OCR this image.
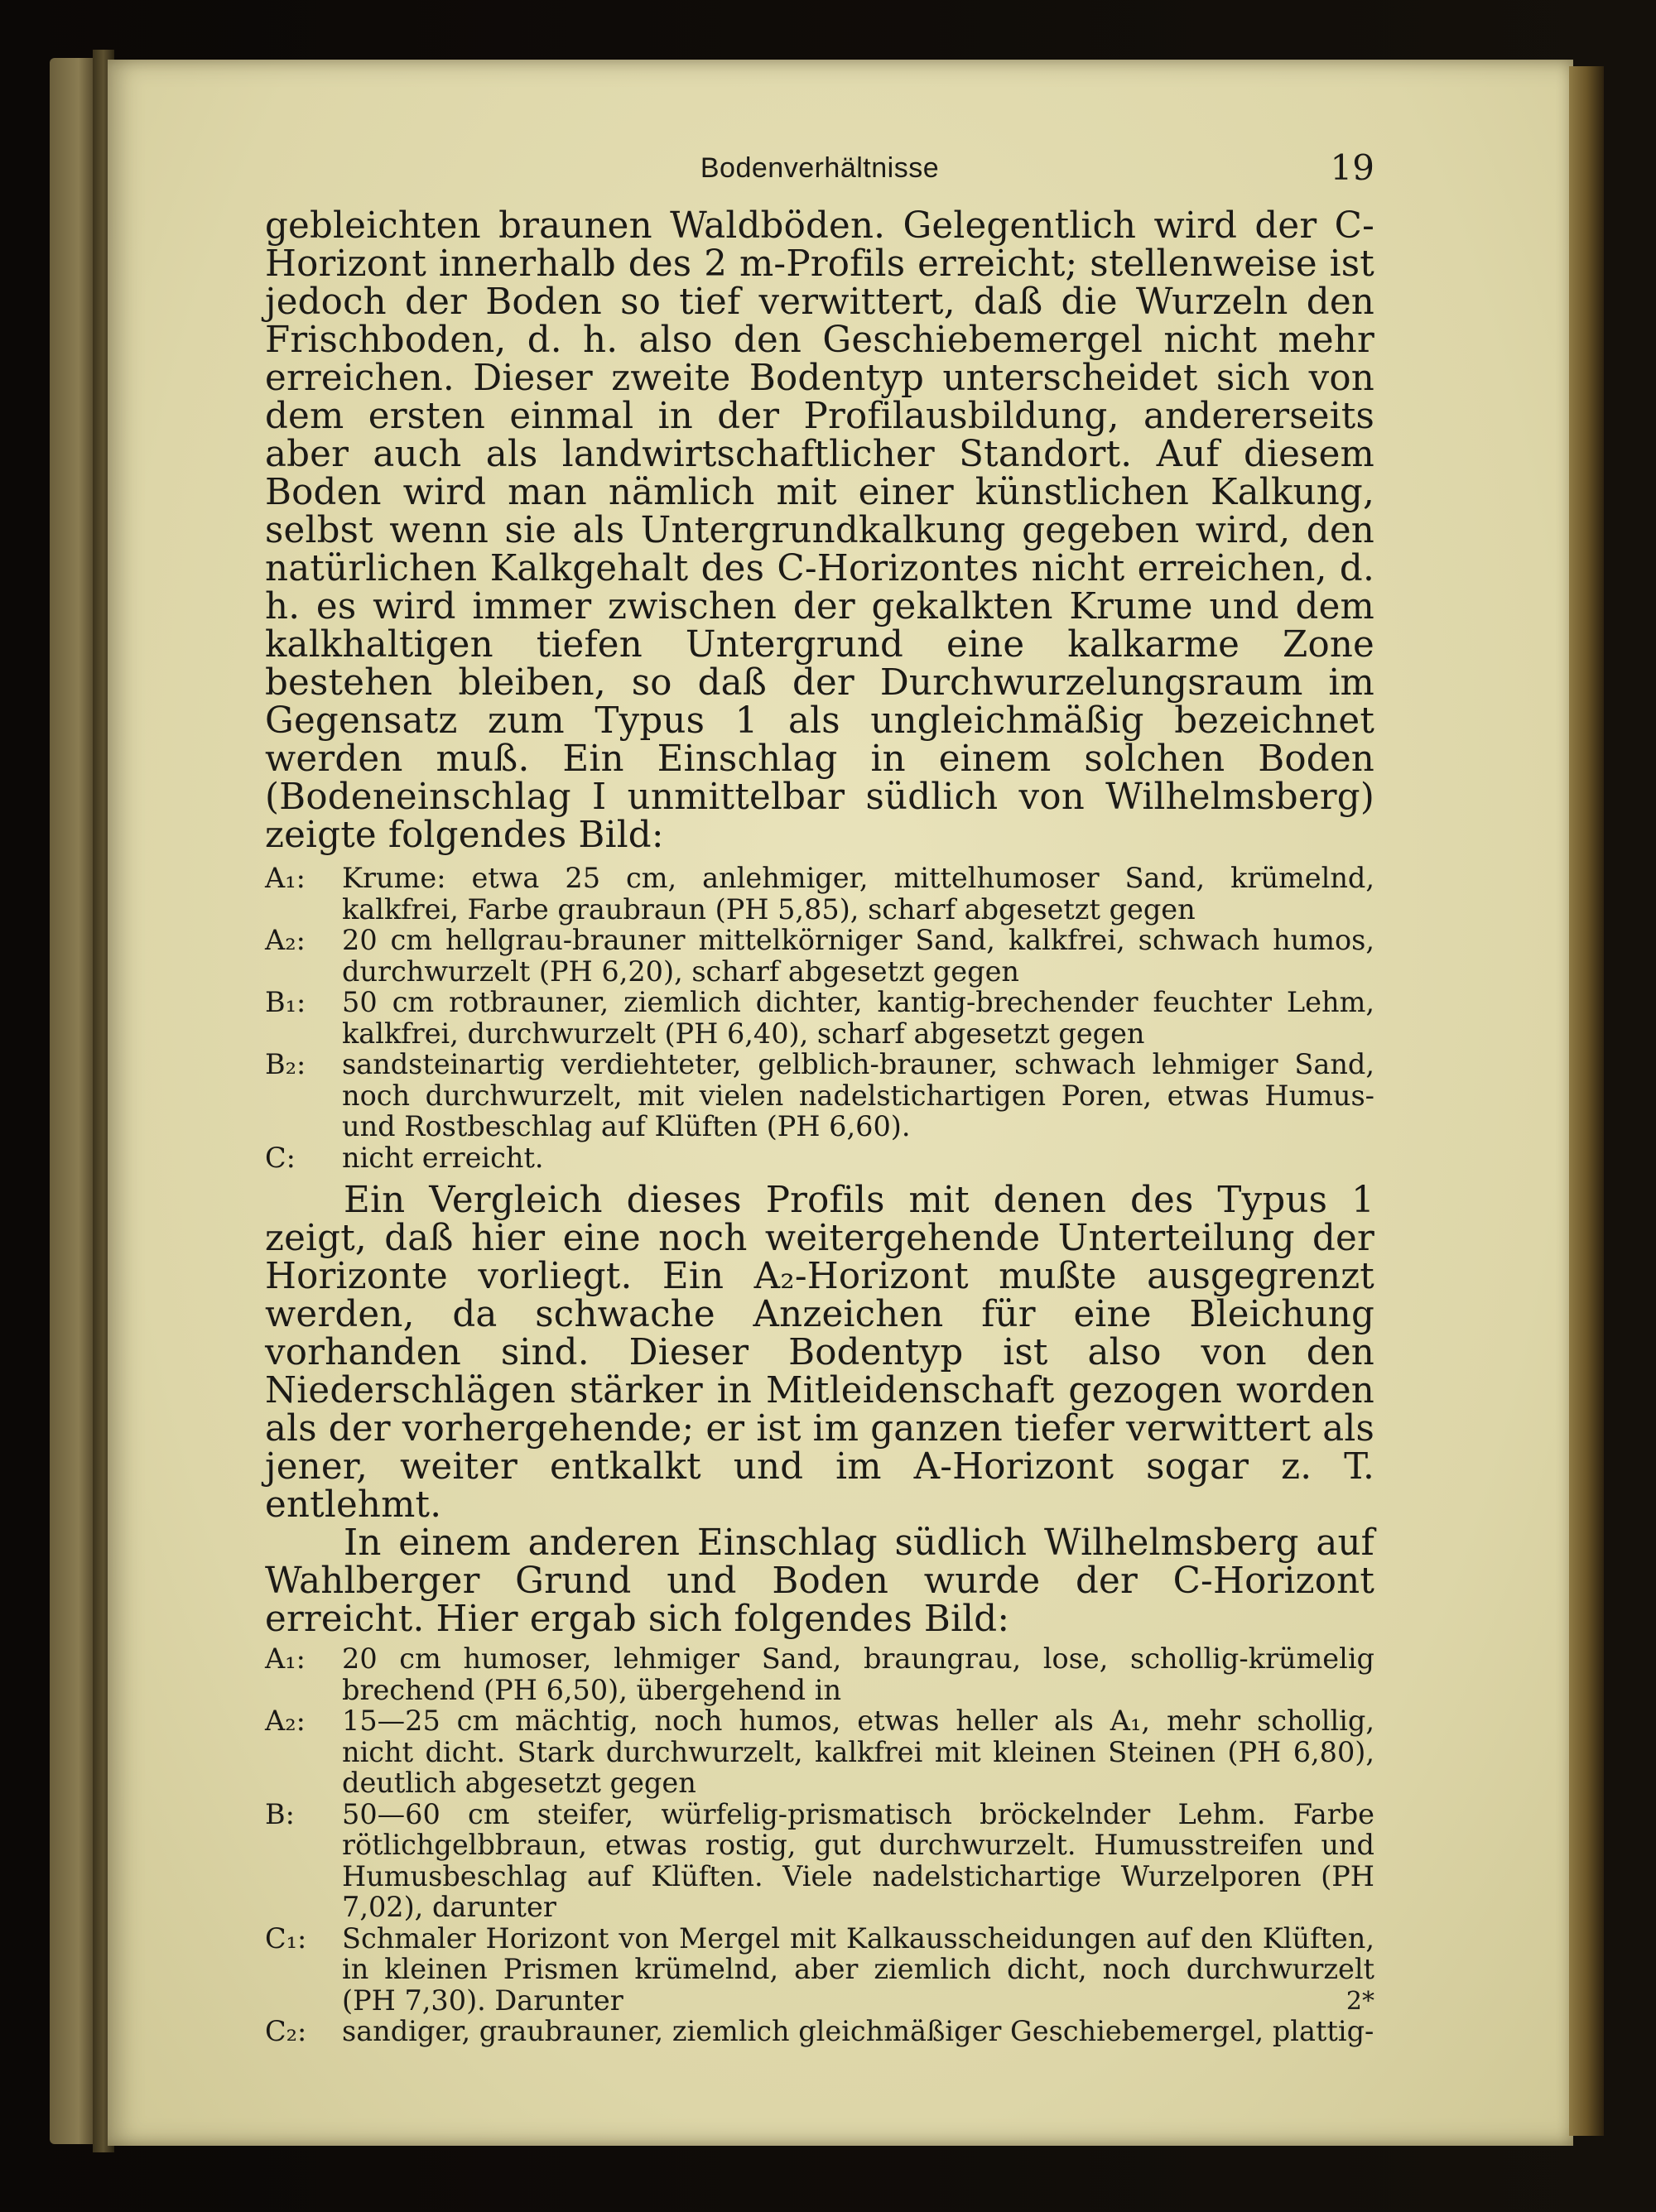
Bodenverhältnisse	19

gebleichten braunen Waldböden. Gelegentlich wird der C-Horizont innerhalb des 2 m-Profils erreicht; stellenweise ist jedoch der Boden so tief verwittert, daß die Wurzeln den Frischboden, d. h. also den Geschiebemergel nicht mehr erreichen. Dieser zweite Bodentyp unterscheidet sich von dem ersten einmal in der Profilausbildung, andererseits aber auch als landwirtschaftlicher Standort. Auf diesem Boden wird man nämlich mit einer künstlichen Kalkung, selbst wenn sie als Untergrundkalkung gegeben wird, den natürlichen Kalkgehalt des C-Horizontes nicht erreichen, d. h. es wird immer zwischen der gekalkten Krume und dem kalkhaltigen tiefen Untergrund eine kalkarme Zone bestehen bleiben, so daß der Durchwurzelungsraum im Gegensatz zum Typus 1 als ungleichmäßig bezeichnet werden muß. Ein Einschlag in einem solchen Boden (Bodeneinschlag I unmittelbar südlich von Wilhelmsberg) zeigte folgendes Bild:

A₁:	Krume: etwa 25 cm, anlehmiger, mittelhumoser Sand, krümelnd, kalkfrei, Farbe graubraun (PH 5,85), scharf abgesetzt gegen
A₂:	20 cm hellgrau-brauner mittelkörniger Sand, kalkfrei, schwach humos, durchwurzelt (PH 6,20), scharf abgesetzt gegen
B₁:	50 cm rotbrauner, ziemlich dichter, kantig-brechender feuchter Lehm, kalkfrei, durchwurzelt (PH 6,40), scharf abgesetzt gegen
B₂:	sandsteinartig verdiehteter, gelblich-brauner, schwach lehmiger Sand, noch durchwurzelt, mit vielen nadelstichartigen Poren, etwas Humus- und Rostbeschlag auf Klüften (PH 6,60).
C:	nicht erreicht.

Ein Vergleich dieses Profils mit denen des Typus 1 zeigt, daß hier eine noch weitergehende Unterteilung der Horizonte vorliegt. Ein A₂-Horizont mußte ausgegrenzt werden, da schwache Anzeichen für eine Bleichung vorhanden sind. Dieser Bodentyp ist also von den Niederschlägen stärker in Mitleidenschaft gezogen worden als der vorhergehende; er ist im ganzen tiefer verwittert als jener, weiter entkalkt und im A-Horizont sogar z. T. entlehmt.

In einem anderen Einschlag südlich Wilhelmsberg auf Wahlberger Grund und Boden wurde der C-Horizont erreicht. Hier ergab sich folgendes Bild:

A₁:	20 cm humoser, lehmiger Sand, braungrau, lose, schollig-krümelig brechend (PH 6,50), übergehend in
A₂:	15—25 cm mächtig, noch humos, etwas heller als A₁, mehr schollig, nicht dicht. Stark durchwurzelt, kalkfrei mit kleinen Steinen (PH 6,80), deutlich abgesetzt gegen
B:	50—60 cm steifer, würfelig-prismatisch bröckelnder Lehm. Farbe rötlichgelbbraun, etwas rostig, gut durchwurzelt. Humusstreifen und Humusbeschlag auf Klüften. Viele nadelstichartige Wurzelporen (PH 7,02), darunter
C₁:	Schmaler Horizont von Mergel mit Kalkausscheidungen auf den Klüften, in kleinen Prismen krümelnd, aber ziemlich dicht, noch durchwurzelt (PH 7,30). Darunter
C₂:	sandiger, graubrauner, ziemlich gleichmäßiger Geschiebemergel, plattig-
2*
